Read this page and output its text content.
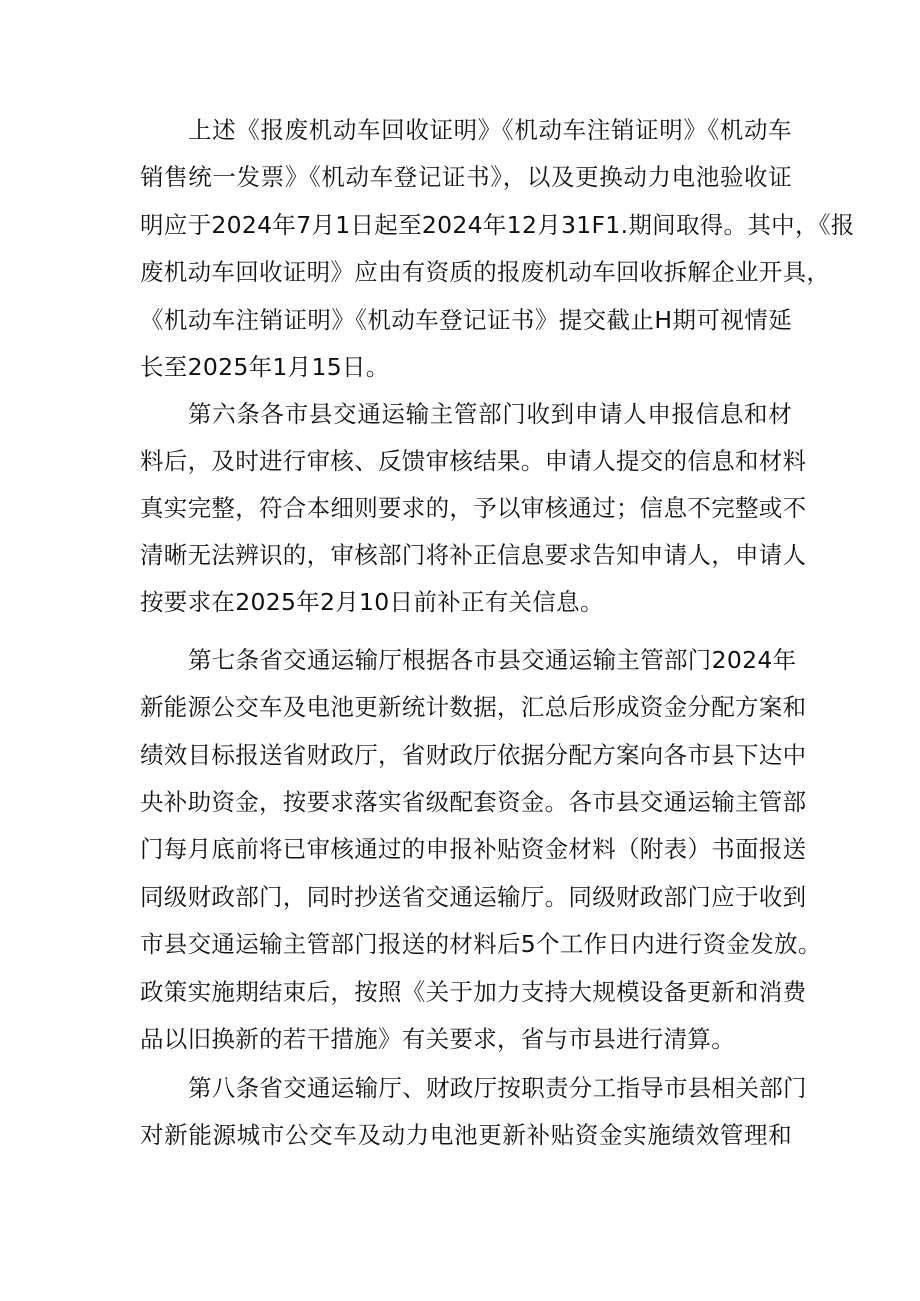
上述《报废机动车回收证明》《机动车注销证明》《机动车
销售统一发票》《机动车登记证书》，以及更换动力电池验收证
明应于2024年7月1日起至2024年12月31F1.期间取得。其中，《报
废机动车回收证明》应由有资质的报废机动车回收拆解企业开具，
《机动车注销证明》《机动车登记证书》提交截止H期可视情延
长至2025年1月15日。
第六条各市县交通运输主管部门收到申请人申报信息和材
料后，及时进行审核、反馈审核结果。申请人提交的信息和材料
真实完整，符合本细则要求的，予以审核通过；信息不完整或不
清晰无法辨识的，审核部门将补正信息要求告知申请人，申请人
按要求在2025年2月10日前补正有关信息。
第七条省交通运输厅根据各市县交通运输主管部门2024年
新能源公交车及电池更新统计数据，汇总后形成资金分配方案和
绩效目标报送省财政厅，省财政厅依据分配方案向各市县下达中
央补助资金，按要求落实省级配套资金。各市县交通运输主管部
门每月底前将已审核通过的申报补贴资金材料（附表）书面报送
同级财政部门，同时抄送省交通运输厅。同级财政部门应于收到
市县交通运输主管部门报送的材料后5个工作日内进行资金发放。
政策实施期结束后，按照《关于加力支持大规模设备更新和消费
品以旧换新的若干措施》有关要求，省与市县进行清算。
第八条省交通运输厅、财政厅按职责分工指导市县相关部门
对新能源城市公交车及动力电池更新补贴资金实施绩效管理和
